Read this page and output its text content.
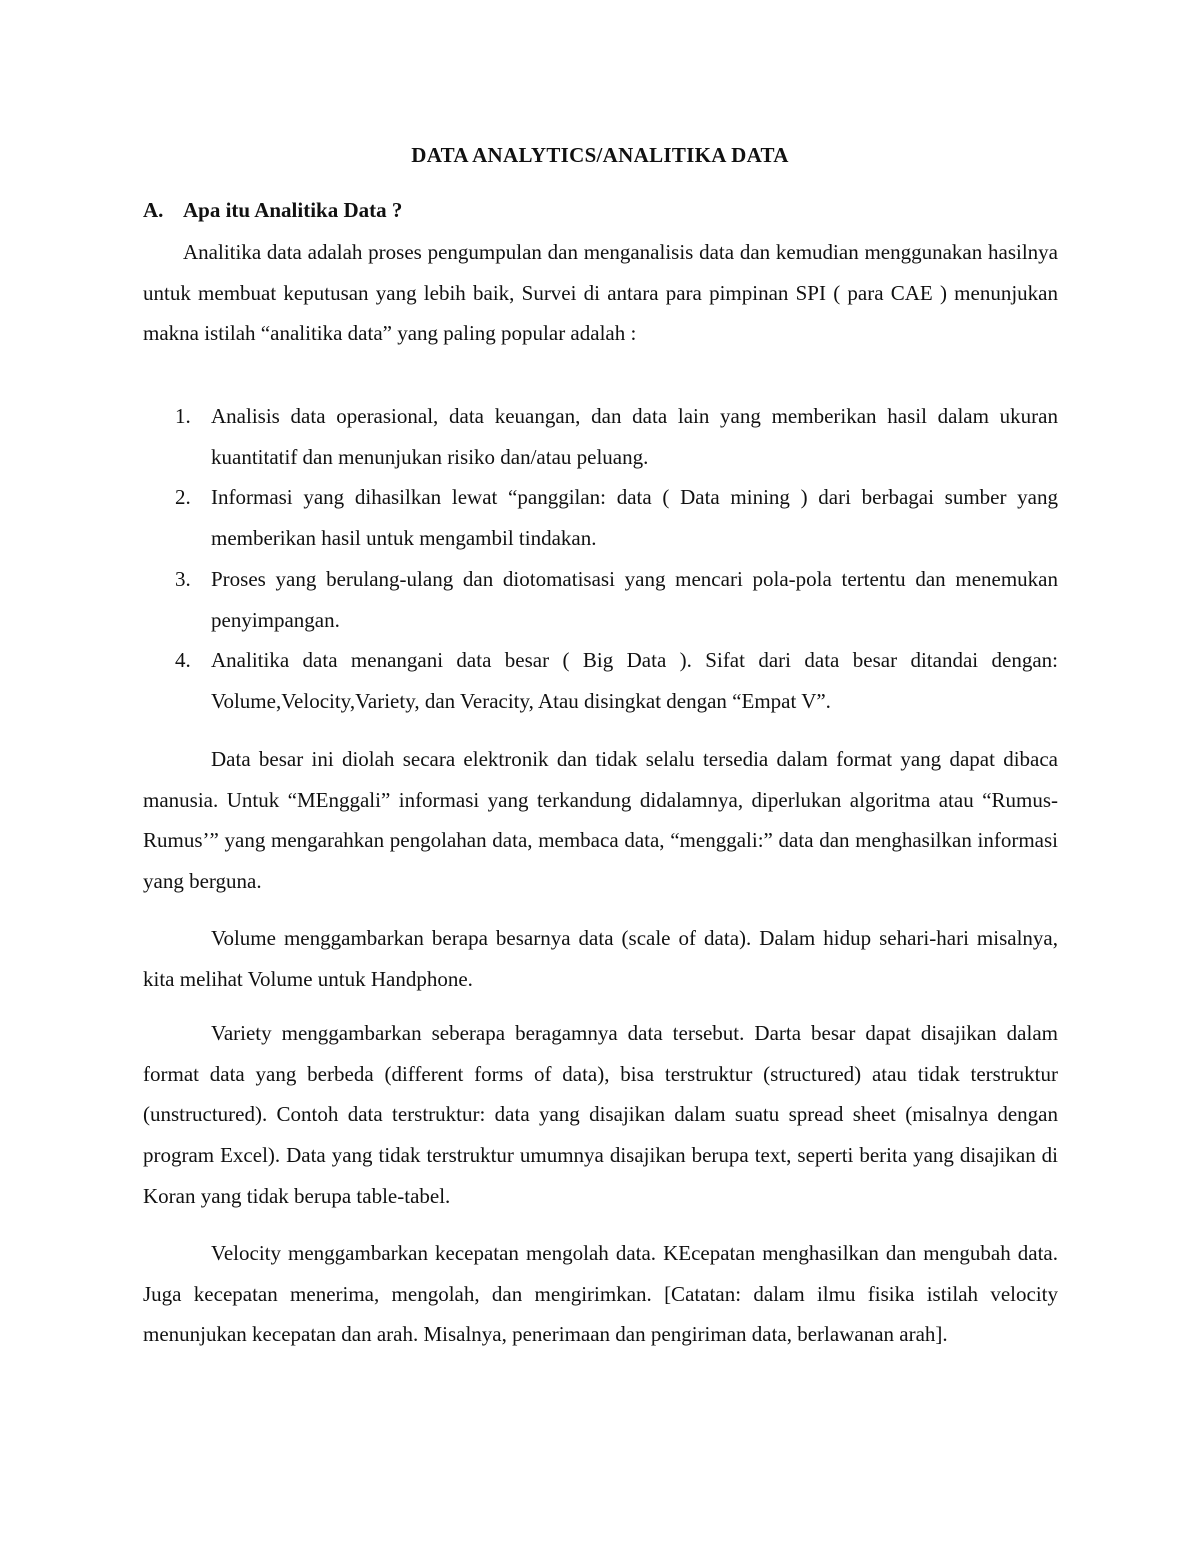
DATA ANALYTICS/ANALITIKA DATA
A. Apa itu Analitika Data ?

Analitika data adalah proses pengumpulan dan menganalisis data dan kemudian menggunakan hasilnya untuk membuat keputusan yang lebih baik, Survei di antara para pimpinan SPI ( para CAE ) menunjukan makna istilah “analitika data” yang paling popular adalah :

1. Analisis data operasional, data keuangan, dan data lain yang memberikan hasil dalam ukuran kuantitatif dan menunjukan risiko dan/atau peluang.
2. Informasi yang dihasilkan lewat “panggilan: data ( Data mining ) dari berbagai sumber yang memberikan hasil untuk mengambil tindakan.
3. Proses yang berulang-ulang dan diotomatisasi yang mencari pola-pola tertentu dan menemukan penyimpangan.
4. Analitika data menangani data besar ( Big Data ). Sifat dari data besar ditandai dengan: Volume,Velocity,Variety, dan Veracity, Atau disingkat dengan “Empat V”.

Data besar ini diolah secara elektronik dan tidak selalu tersedia dalam format yang dapat dibaca manusia. Untuk “MEnggali” informasi yang terkandung didalamnya, diperlukan algoritma atau “Rumus-Rumus’” yang mengarahkan pengolahan data, membaca data, “menggali:” data dan menghasilkan informasi yang berguna.

Volume menggambarkan berapa besarnya data (scale of data). Dalam hidup sehari-hari misalnya, kita melihat Volume untuk Handphone.

Variety menggambarkan seberapa beragamnya data tersebut. Darta besar dapat disajikan dalam format data yang berbeda (different forms of data), bisa terstruktur (structured) atau tidak terstruktur (unstructured). Contoh data terstruktur: data yang disajikan dalam suatu spread sheet (misalnya dengan program Excel). Data yang tidak terstruktur umumnya disajikan berupa text, seperti berita yang disajikan di Koran yang tidak berupa table-tabel.

Velocity menggambarkan kecepatan mengolah data. KEcepatan menghasilkan dan mengubah data. Juga kecepatan menerima, mengolah, dan mengirimkan. [Catatan: dalam ilmu fisika istilah velocity menunjukan kecepatan dan arah. Misalnya, penerimaan dan pengiriman data, berlawanan arah].
